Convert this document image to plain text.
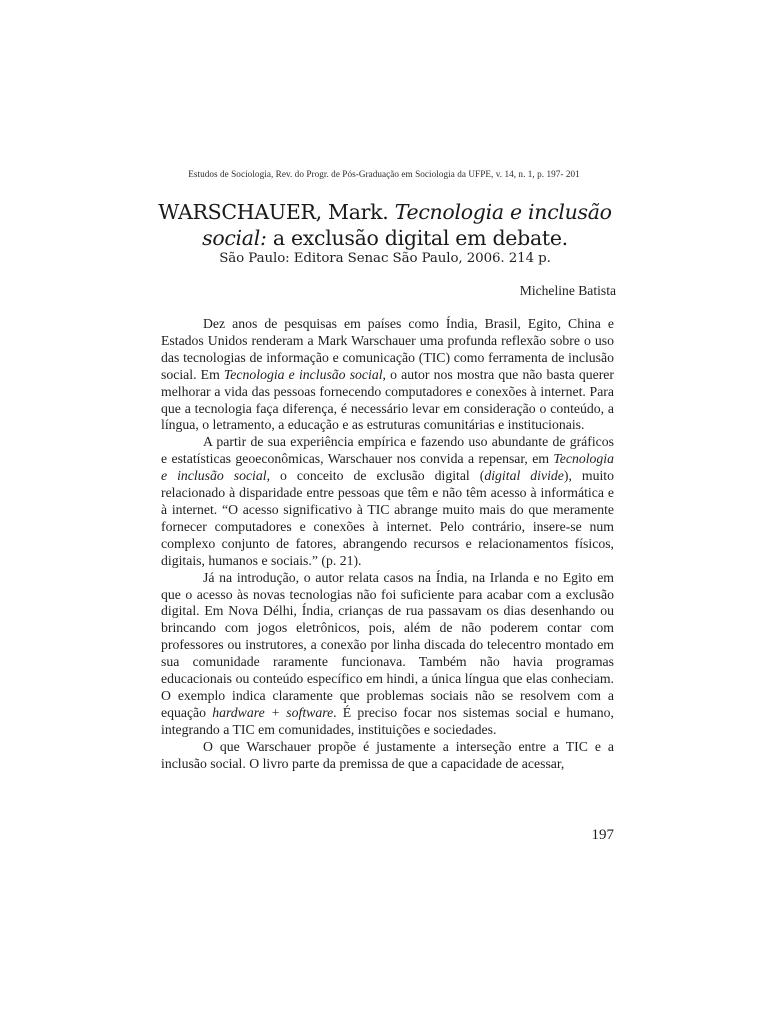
Estudos de Sociologia, Rev. do Progr. de Pós-Graduação em Sociologia da UFPE, v. 14, n. 1, p. 197- 201
WARSCHAUER, Mark. Tecnologia e inclusão
social: a exclusão digital em debate.
São Paulo: Editora Senac São Paulo, 2006. 214 p.
Micheline Batista

Dez anos de pesquisas em países como Índia, Brasil, Egito, China e Estados Unidos renderam a Mark Warschauer uma profunda reflexão sobre o uso das tecnologias de informação e comunicação (TIC) como ferramenta de inclusão social. Em Tecnologia e inclusão social, o autor nos mostra que não basta querer melhorar a vida das pessoas fornecendo computadores e conexões à internet. Para que a tecnologia faça diferença, é necessário levar em consideração o conteúdo, a língua, o letramento, a educação e as estruturas comunitárias e institucionais.

A partir de sua experiência empírica e fazendo uso abundante de gráficos e estatísticas geoeconômicas, Warschauer nos convida a repensar, em Tecnologia e inclusão social, o conceito de exclusão digital (digital divide), muito relacionado à disparidade entre pessoas que têm e não têm acesso à informática e à internet. “O acesso significativo à TIC abrange muito mais do que meramente fornecer computadores e conexões à internet. Pelo contrário, insere-se num complexo conjunto de fatores, abrangendo recursos e relacionamentos físicos, digitais, humanos e sociais.” (p. 21).

Já na introdução, o autor relata casos na Índia, na Irlanda e no Egito em que o acesso às novas tecnologias não foi suficiente para acabar com a exclusão digital. Em Nova Délhi, Índia, crianças de rua passavam os dias desenhando ou brincando com jogos eletrônicos, pois, além de não poderem contar com professores ou instrutores, a conexão por linha discada do telecentro montado em sua comunidade raramente funcionava. Também não havia programas educacionais ou conteúdo específico em hindi, a única língua que elas conheciam. O exemplo indica claramente que problemas sociais não se resolvem com a equação hardware + software. É preciso focar nos sistemas social e humano, integrando a TIC em comunidades, instituições e sociedades.

O que Warschauer propõe é justamente a interseção entre a TIC e a inclusão social. O livro parte da premissa de que a capacidade de acessar,

197
